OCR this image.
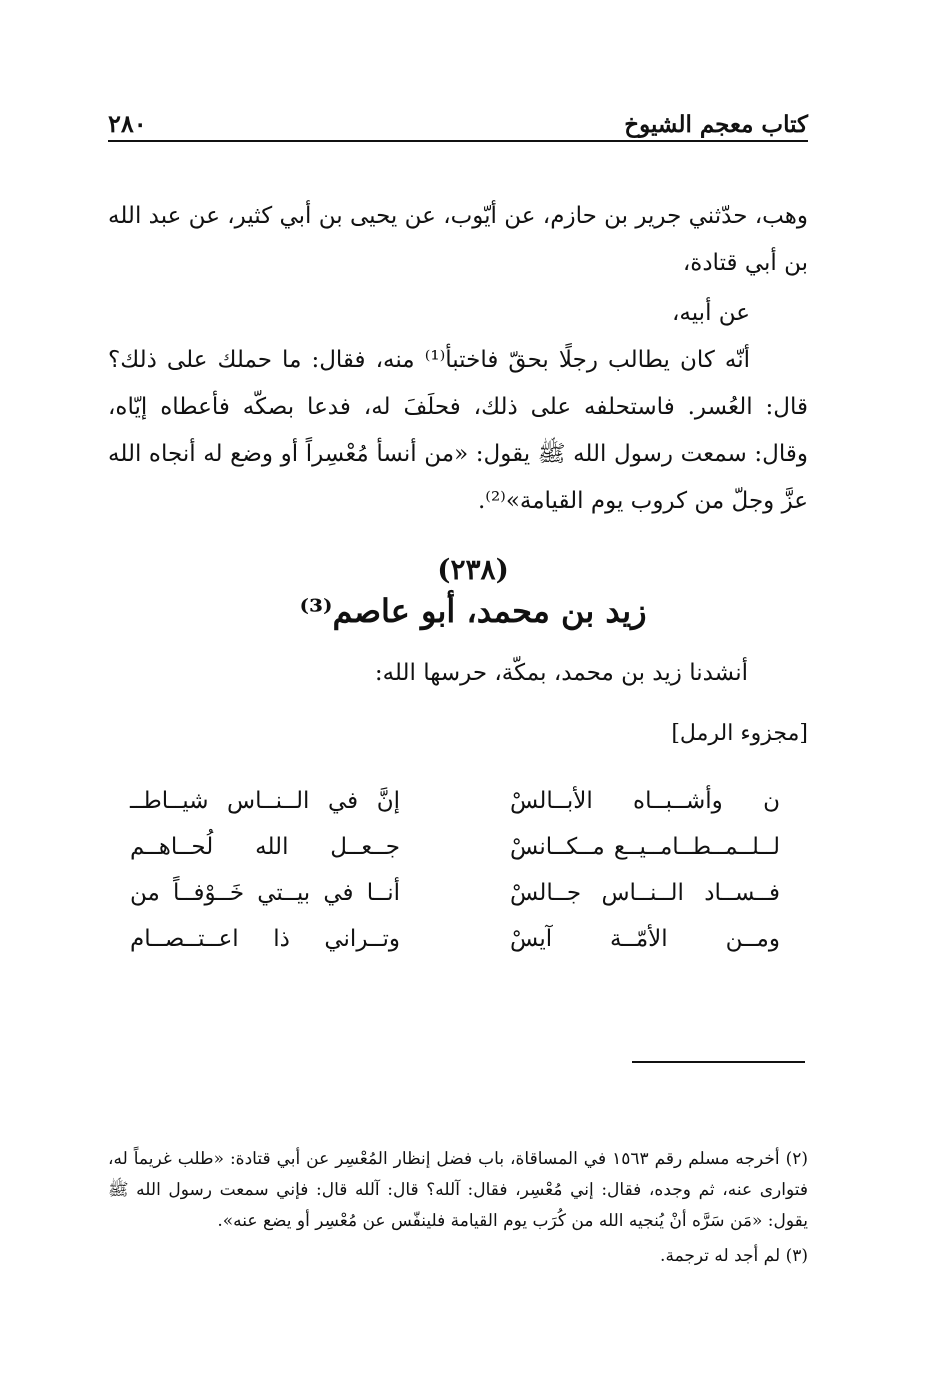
٢٨٠	كتاب معجم الشيوخ
وهب، حدّثني جرير بن حازم، عن أيّوب، عن يحيى بن أبي كثير، عن عبد الله بن أبي قتادة،

عن أبيه،

أنّه كان يطالب رجلًا بحقّ فاختبأ⁽¹⁾ منه، فقال: ما حملك على ذلك؟ قال: العُسر. فاستحلفه على ذلك، فحلَفَ له، فدعا بصكّه فأعطاه إيّاه، وقال: سمعت رسول الله ﷺ يقول: «من أنسأ مُعْسِراً أو وضع له أنجاه الله عزَّ وجلّ من كروب يوم القيامة»⁽²⁾.

(٢٣٨)
زيد بن محمد، أبو عاصم⁽³⁾
أنشدنا زيد بن محمد، بمكّة، حرسها الله:
[مجزوء الرمل]
إنَّ في الــنــاس شيــاطــ	ن وأشــبــاه الأبــالسْ
جــعــل الله لُحــاهــم	لــلــمــطــامــيــع مــكــانسْ
أنــا في بيــتي خَــوْفــاً من	فــســاد الــنــاس جــالسْ
وتــراني ذا اعــتــصــام	ومــن الأمّــة آيسْ

(٢) أخرجه مسلم رقم ١٥٦٣ في المساقاة، باب فضل إنظار المُعْسِر عن أبي قتادة: «طلب غريماً له، فتوارى عنه، ثم وجده، فقال: إني مُعْسِر، فقال: آلله؟ قال: آلله قال: فإني سمعت رسول الله ﷺ يقول: «مَن سَرَّه أنْ يُنجيه الله من كُرَب يوم القيامة فلينفّس عن مُعْسِر أو يضع عنه».

(٣) لم أجد له ترجمة.
